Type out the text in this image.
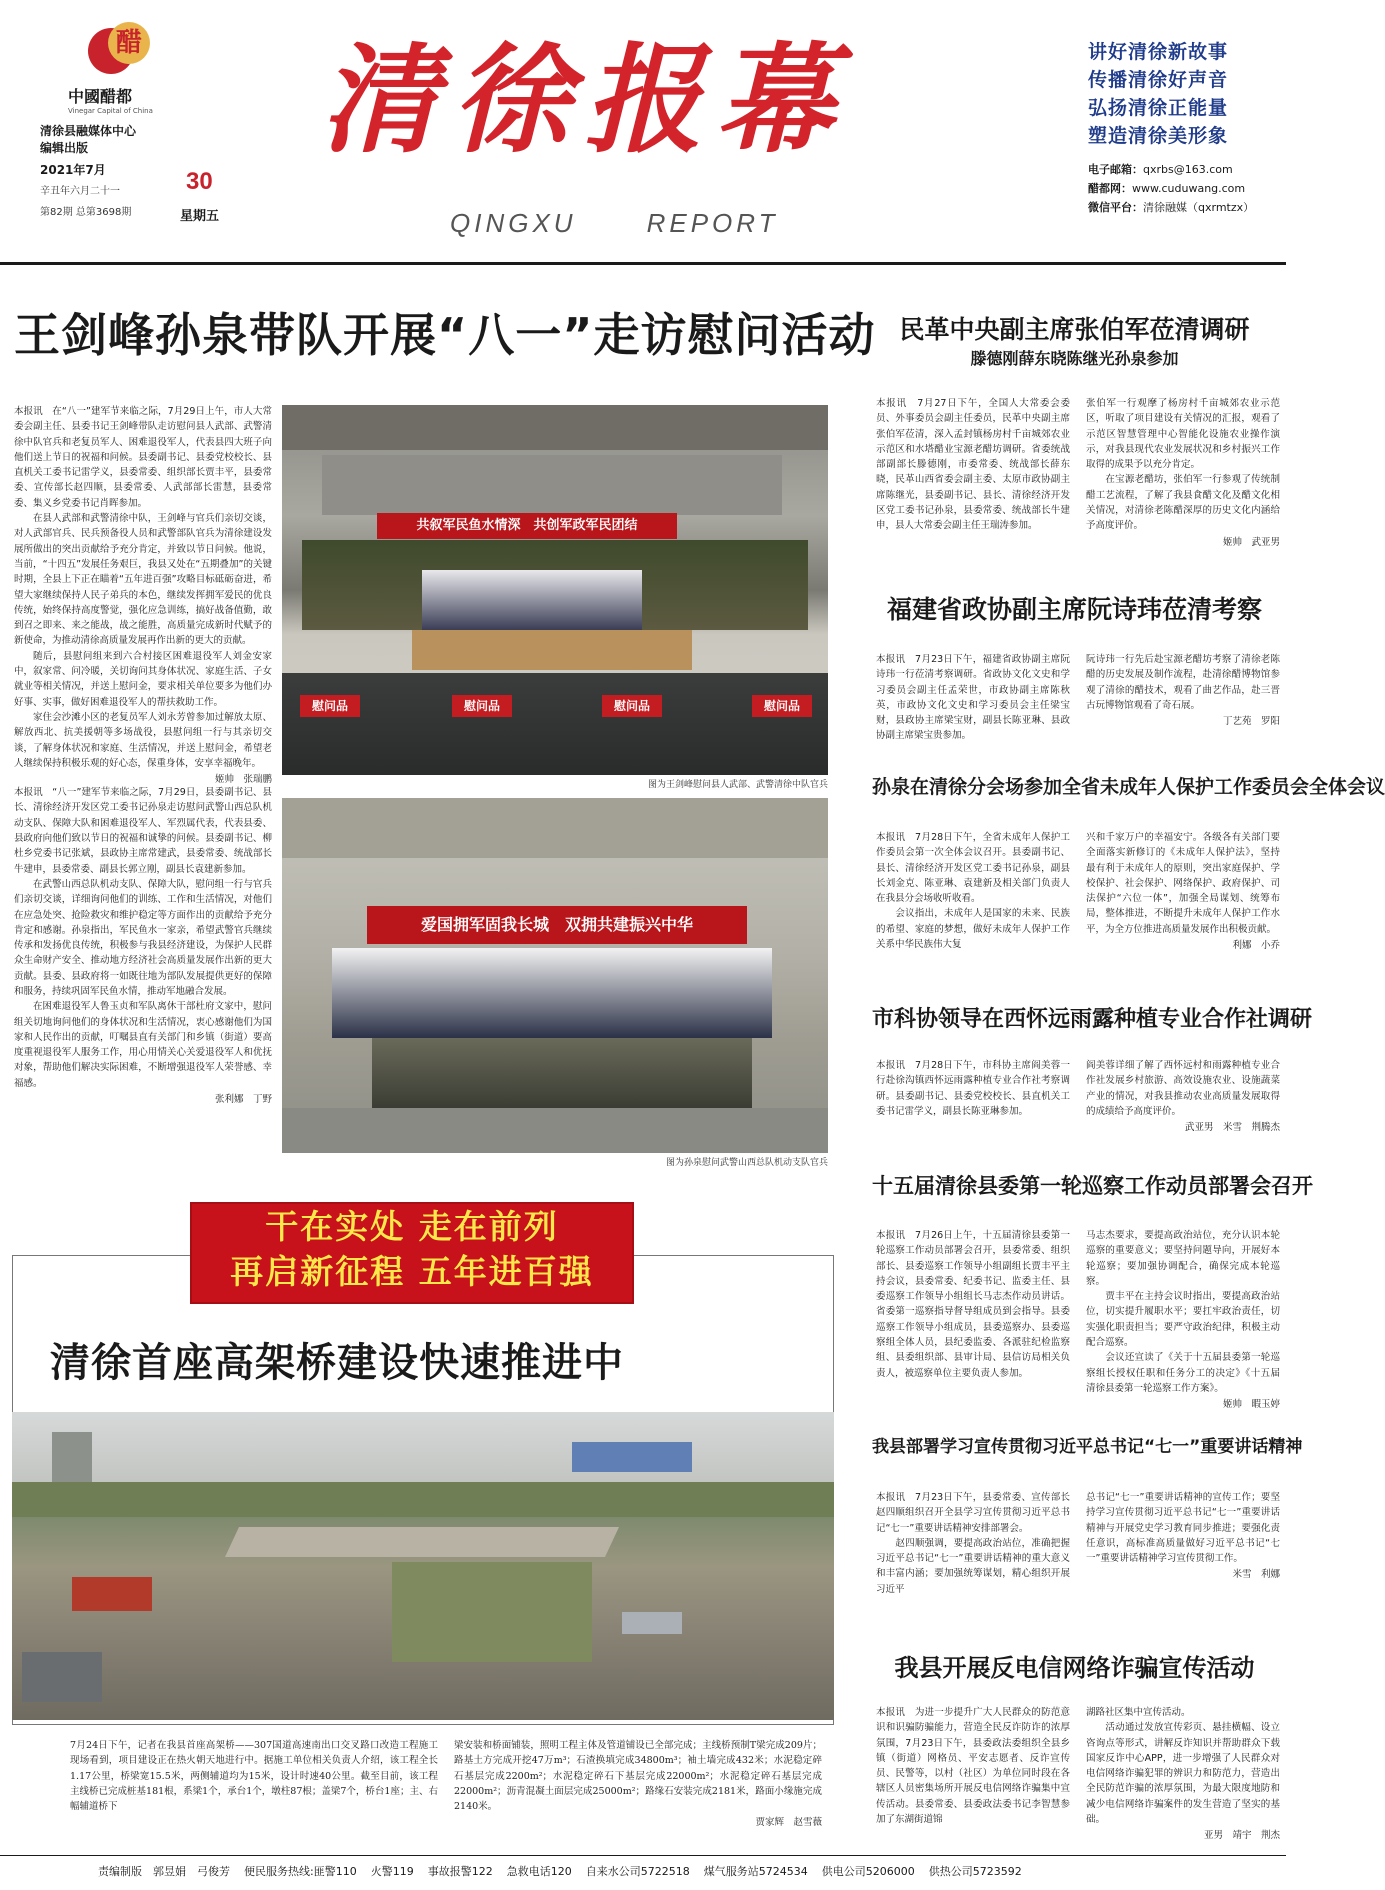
醋
中國醋都
Vinegar Capital of China
清徐县融媒体中心
编辑出版
2021年7月
辛丑年六月二十一
第82期 总第3698期
30
星期五
清徐报幕
QINGXU	REPORT
讲好清徐新故事
传播清徐好声音
弘扬清徐正能量
塑造清徐美形象
电子邮箱：qxrbs@163.com
醋都网：www.cuduwang.com
微信平台：清徐融媒（qxrmtzx）
王剑峰孙泉带队开展“八一”走访慰问活动

本报讯　在“八一”建军节来临之际，7月29日上午，市人大常委会副主任、县委书记王剑峰带队走访慰问县人武部、武警清徐中队官兵和老复员军人、困难退役军人，代表县四大班子向他们送上节日的祝福和问候。县委副书记、县委党校校长、县直机关工委书记雷学义，县委常委、组织部长贾丰平，县委常委、宣传部长赵四顺，县委常委、人武部部长雷慧，县委常委、集义乡党委书记肖晖参加。

在县人武部和武警清徐中队，王剑峰与官兵们亲切交谈，对人武部官兵、民兵预备役人员和武警部队官兵为清徐建设发展所做出的突出贡献给予充分肯定，并致以节日问候。他说，当前，“十四五”发展任务艰巨，我县又处在“五期叠加”的关键时期，全县上下正在瞄着“五年进百强”攻略目标砥砺奋进，希望大家继续保持人民子弟兵的本色，继续发挥拥军爱民的优良传统，始终保持高度警觉，强化应急训练，搞好战备值勤，敢到召之即来、来之能战，战之能胜，高质量完成新时代赋予的新使命，为推动清徐高质量发展再作出新的更大的贡献。

随后，县慰问组来到六合村接区困难退役军人刘金安家中，叙家常、问冷暖，关切询问其身体状况、家庭生活、子女就业等相关情况，并送上慰问金，要求相关单位要多为他们办好事、实事，做好困难退役军人的帮扶救助工作。

家住会沙滩小区的老复员军人刘永芳曾参加过解放太原、解放西北、抗美援朝等多场战役，县慰问组一行与其亲切交谈，了解身体状况和家庭、生活情况，并送上慰问金，希望老人继续保持积极乐观的好心态，保重身体，安享幸福晚年。

姬帅　张瑞鹏

本报讯　“八一”建军节来临之际，7月29日，县委副书记、县长、清徐经济开发区党工委书记孙泉走访慰问武警山西总队机动支队、保障大队和困难退役军人、军烈属代表，代表县委、县政府向他们致以节日的祝福和诚挚的问候。县委副书记、柳杜乡党委书记张斌，县政协主席常建武，县委常委、统战部长牛建申，县委常委、副县长郭立刚，副县长袁建新参加。

在武警山西总队机动支队、保障大队，慰问组一行与官兵们亲切交谈，详细询问他们的训练、工作和生活情况，对他们在应急处突、抢险救灾和维护稳定等方面作出的贡献给予充分肯定和感谢。孙泉指出，军民鱼水一家亲，希望武警官兵继续传承和发扬优良传统，积极参与我县经济建设，为保护人民群众生命财产安全、推动地方经济社会高质量发展作出新的更大贡献。县委、县政府将一如既往地为部队发展提供更好的保障和服务，持续巩固军民鱼水情，推动军地融合发展。

在困难退役军人鲁玉贞和军队离休干部杜府文家中，慰问组关切地询问他们的身体状况和生活情况，衷心感谢他们为国家和人民作出的贡献，叮嘱县直有关部门和乡镇（街道）要高度重视退役军人服务工作，用心用情关心关爱退役军人和优抚对象，帮助他们解决实际困难，不断增强退役军人荣誉感、幸福感。

张利娜　丁野

共叙军民鱼水情深　共创军政军民团结
慰问品	慰问品	慰问品	慰问品
图为王剑峰慰问县人武部、武警清徐中队官兵
爱国拥军固我长城　双拥共建振兴中华
图为孙泉慰问武警山西总队机动支队官兵
民革中央副主席张伯军莅清调研
滕德刚薛东晓陈继光孙泉参加

本报讯　7月27日下午，全国人大常委会委员、外事委员会副主任委员，民革中央副主席张伯军莅清，深入孟封镇杨房村千亩城郊农业示范区和水塔醋业宝源老醋坊调研。省委统战部副部长滕德刚，市委常委、统战部长薛东晓，民革山西省委会副主委、太原市政协副主席陈继光，县委副书记、县长、清徐经济开发区党工委书记孙泉，县委常委、统战部长牛建申，县人大常委会副主任王瑞涛参加。

张伯军一行观摩了杨房村千亩城郊农业示范区，听取了项目建设有关情况的汇报，观看了示范区智慧管理中心智能化设施农业操作演示，对我县现代农业发展状况和乡村振兴工作取得的成果予以充分肯定。
　　在宝源老醋坊，张伯军一行参观了传统制醋工艺流程，了解了我县食醋文化及醋文化相关情况，对清徐老陈醋深厚的历史文化内涵给予高度评价。

姬帅　武亚男

福建省政协副主席阮诗玮莅清考察

本报讯　7月23日下午，福建省政协副主席阮诗玮一行莅清考察调研。省政协文化文史和学习委员会副主任孟荣世，市政协副主席陈秋英，市政协文化文史和学习委员会主任梁宝财，县政协主席梁宝财，副县长陈亚琳、县政协副主席梁宝贵参加。

阮诗玮一行先后赴宝源老醋坊考察了清徐老陈醋的历史发展及制作流程，赴清徐醋博物馆参观了清徐的醋技术，观看了曲艺作品，赴三晋古玩博物馆观看了奇石展。

丁艺苑　罗阳

孙泉在清徐分会场参加全省未成年人保护工作委员会全体会议

本报讯　7月28日下午，全省未成年人保护工作委员会第一次全体会议召开。县委副书记、县长、清徐经济开发区党工委书记孙泉，副县长刘金克、陈亚琳、袁建新及相关部门负责人在我县分会场收听收看。
　　会议指出，未成年人是国家的未来、民族的希望、家庭的梦想，做好未成年人保护工作关系中华民族伟大复

兴和千家万户的幸福安宁。各级各有关部门要全面落实新修订的《未成年人保护法》，坚持最有利于未成年人的原则，突出家庭保护、学校保护、社会保护、网络保护、政府保护、司法保护“六位一体”，加强全局谋划、统筹布局，整体推进，不断提升未成年人保护工作水平，为全方位推进高质量发展作出积极贡献。

利娜　小乔

市科协领导在西怀远雨露种植专业合作社调研

本报讯　7月28日下午，市科协主席阎美蓉一行赴徐沟镇西怀远雨露种植专业合作社考察调研。县委副书记、县委党校校长、县直机关工委书记雷学义，副县长陈亚琳参加。

阎美蓉详细了解了西怀远村和雨露种植专业合作社发展乡村旅游、高效设施农业、设施蔬菜产业的情况，对我县推动农业高质量发展取得的成绩给予高度评价。

武亚男　米雪　荆腾杰

十五届清徐县委第一轮巡察工作动员部署会召开

本报讯　7月26日上午，十五届清徐县委第一轮巡察工作动员部署会召开，县委常委、组织部长、县委巡察工作领导小组副组长贾丰平主持会议，县委常委、纪委书记、监委主任、县委巡察工作领导小组组长马志杰作动员讲话。省委第一巡察指导督导组成员到会指导。县委巡察工作领导小组成员，县委巡察办、县委巡察组全体人员，县纪委监委、各派驻纪检监察组、县委组织部、县审计局、县信访局相关负责人，被巡察单位主要负责人参加。

马志杰要求，要提高政治站位，充分认识本轮巡察的重要意义；要坚持问题导向，开展好本轮巡察；要加强协调配合，确保完成本轮巡察。
　　贾丰平在主持会议时指出，要提高政治站位，切实提升履职水平；要扛牢政治责任，切实强化职责担当；要严守政治纪律，积极主动配合巡察。
　　会议还宣读了《关于十五届县委第一轮巡察组长授权任职和任务分工的决定》《十五届清徐县委第一轮巡察工作方案》。

姬帅　暇玉婷

我县部署学习宣传贯彻习近平总书记“七一”重要讲话精神

本报讯　7月23日下午，县委常委、宣传部长赵四顺组织召开全县学习宣传贯彻习近平总书记“七一”重要讲话精神安排部署会。
　　赵四顺强调，要提高政治站位，准确把握习近平总书记“七一”重要讲话精神的重大意义和丰富内涵；要加强统筹谋划，精心组织开展习近平

总书记“七一”重要讲话精神的宣传工作；要坚持学习宣传贯彻习近平总书记“七一”重要讲话精神与开展党史学习教育同步推进；要强化责任意识，高标准高质量做好习近平总书记“七一”重要讲话精神学习宣传贯彻工作。

米雪　利娜

我县开展反电信网络诈骗宣传活动

本报讯　为进一步提升广大人民群众的防范意识和识骗防骗能力，营造全民反诈防诈的浓厚氛围，7月23日下午，县委政法委组织全县乡镇（街道）网格员、平安志愿者、反诈宣传员、民警等，以村（社区）为单位同时段在各辖区人员密集场所开展反电信网络诈骗集中宣传活动。县委常委、县委政法委书记李智慧参加了东湖街道锦

湖路社区集中宣传活动。
　　活动通过发放宣传彩页、悬挂横幅、设立咨询点等形式，讲解反诈知识并帮助群众下载国家反诈中心APP，进一步增强了人民群众对电信网络诈骗犯罪的辨识力和防范力，营造出全民防范诈骗的浓厚氛围，为最大限度地防和减少电信网络诈骗案件的发生营造了坚实的基础。

亚男　靖宇　荆杰

干在实处 走在前列
再启新征程 五年进百强
清徐首座高架桥建设快速推进中

7月24日下午，记者在我县首座高架桥——307国道高速南出口交叉路口改造工程施工现场看到，项目建设正在热火朝天地进行中。据施工单位相关负责人介绍，该工程全长1.17公里，桥梁宽15.5米，两侧辅道均为15米，设计时速40公里。截至目前，该工程主线桥已完成桩基181根，系梁1个，承台1个，墩柱87根；盖梁7个，桥台1座；主、右幅辅道桥下

梁安装和桥面铺装，照明工程主体及管道铺设已全部完成；主线桥预制T梁完成209片；路基土方完成开挖47万m³；石渣换填完成34800m³；袖土墙完成432米；水泥稳定碎石基层完成2200m²；水泥稳定碎石下基层完成22000m²；水泥稳定碎石基层完成22000m²；沥青混凝土面层完成25000m²；路缘石安装完成2181米，路面小缘施完成2140米。

贾家辉　赵雪薇

责编制版　郭昱娟　弓俊芳 便民服务热线:匪警110 火警119 事故报警122 急救电话120 自来水公司5722518 煤气服务站5724534 供电公司5206000 供热公司5723592
